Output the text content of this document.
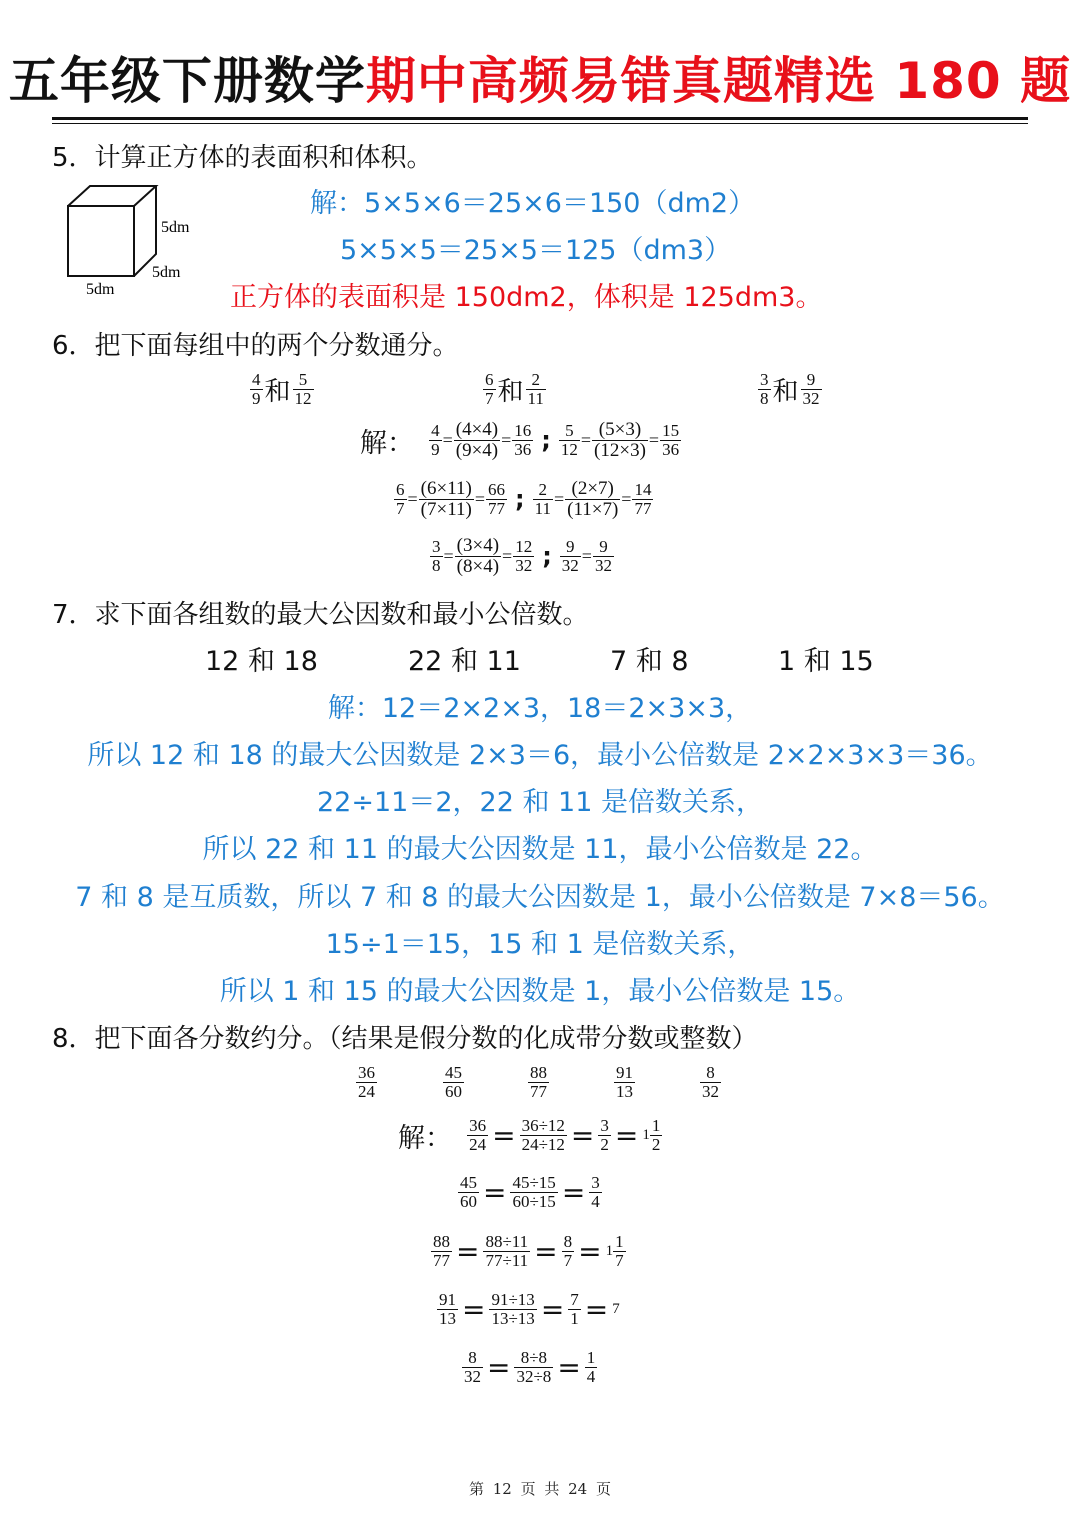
五年级下册数学期中高频易错真题精选 180 题
5．计算正方体的表面积和体积。
5dm
5dm
5dm
解：5×5×6＝25×6＝150（dm2）
5×5×5＝25×5＝125（dm3）
正方体的表面积是 150dm2，体积是 125dm3。
6．把下面每组中的两个分数通分。
$\frac{4}{9}$ 和 $\frac{5}{12}$	$\frac{6}{7}$ 和 $\frac{2}{11}$	$\frac{3}{8}$ 和 $\frac{9}{32}$
解： $\frac{4}{9} = \frac{(4\times 4)}{(9\times 4)} = \frac{16}{36}$ ; $\frac{5}{12} = \frac{(5\times 3)}{(12\times 3)} = \frac{15}{36}$
$\frac{6}{7} = \frac{(6\times 11)}{(7\times 11)} = \frac{66}{77}$ ; $\frac{2}{11} = \frac{(2\times 7)}{(11\times 7)} = \frac{14}{77}$
$\frac{3}{8} = \frac{(3\times 4)}{(8\times 4)} = \frac{12}{32}$ ; $\frac{9}{32} = \frac{9}{32}$
7．求下面各组数的最大公因数和最小公倍数。
12 和 18	22 和 11	7 和 8	1 和 15
解：12＝2×2×3，18＝2×3×3，
所以 12 和 18 的最大公因数是 2×3＝6，最小公倍数是 2×2×3×3＝36。
22÷11＝2，22 和 11 是倍数关系，
所以 22 和 11 的最大公因数是 11，最小公倍数是 22。
7 和 8 是互质数，所以 7 和 8 的最大公因数是 1，最小公倍数是 7×8＝56。
15÷1＝15，15 和 1 是倍数关系，
所以 1 和 15 的最大公因数是 1，最小公倍数是 15。
8．把下面各分数约分。（结果是假分数的化成带分数或整数）
$\frac{36}{24}$	$\frac{45}{60}$	$\frac{88}{77}$	$\frac{91}{13}$	$\frac{8}{32}$
解： $\frac{36}{24} = \frac{36\div 12}{24\div 12} = \frac{3}{2} = 1 \frac{1}{2}$
$\frac{45}{60} = \frac{45\div 15}{60\div 15} = \frac{3}{4}$
$\frac{88}{77} = \frac{88\div 11}{77\div 11} = \frac{8}{7} = 1 \frac{1}{7}$
$\frac{91}{13} = \frac{91\div 13}{13\div 13} = \frac{7}{1} = 7$
$\frac{8}{32} = \frac{8\div 8}{32\div 8} = \frac{1}{4}$
第 12 页 共 24 页
